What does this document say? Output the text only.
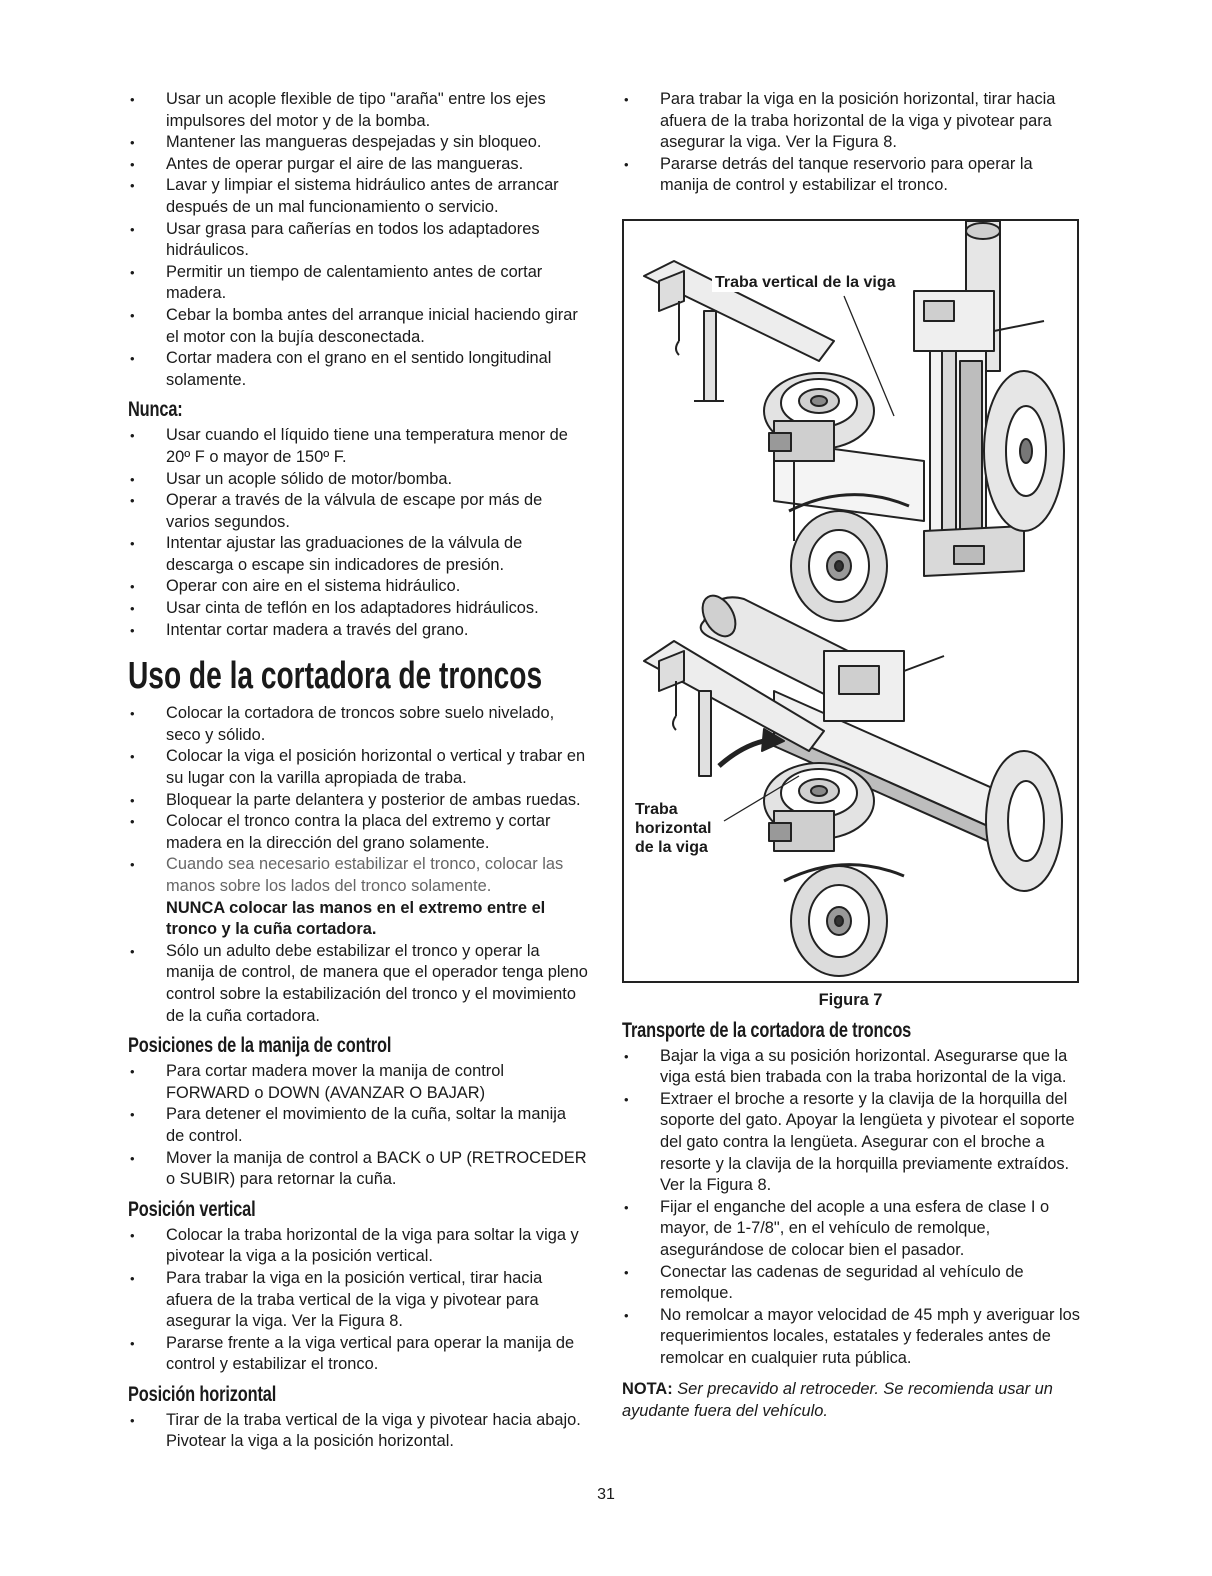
• Usar un acople flexible de tipo "araña" entre los ejes impulsores del motor y de la bomba.
• Mantener las mangueras despejadas y sin bloqueo.
• Antes de operar purgar el aire de las mangueras.
• Lavar y limpiar el sistema hidráulico antes de arrancar después de un mal funcionamiento o servicio.
• Usar grasa para cañerías en todos los adaptadores hidráulicos.
• Permitir un tiempo de calentamiento antes de cortar madera.
• Cebar la bomba antes del arranque inicial haciendo girar el motor con la bujía desconectada.
• Cortar madera con el grano en el sentido longitudinal solamente.
Nunca:
• Usar cuando el líquido tiene una temperatura menor de 20º F o mayor de 150º F.
• Usar un acople sólido de motor/bomba.
• Operar a través de la válvula de escape por más de varios segundos.
• Intentar ajustar las graduaciones de la válvula de descarga o escape sin indicadores de presión.
• Operar con aire en el sistema hidráulico.
• Usar cinta de teflón en los adaptadores hidráulicos.
• Intentar cortar madera a través del grano.
Uso de la cortadora de troncos
• Colocar la cortadora de troncos sobre suelo nivelado, seco y sólido.
• Colocar la viga el posición horizontal o vertical y trabar en su lugar con la varilla apropiada de traba.
• Bloquear la parte delantera y posterior de ambas ruedas.
• Colocar el tronco contra la placa del extremo y cortar madera en la dirección del grano solamente.
• Cuando sea necesario estabilizar el tronco, colocar las manos sobre los lados del tronco solamente.
NUNCA colocar las manos en el extremo entre el tronco y la cuña cortadora.
• Sólo un adulto debe estabilizar el tronco y operar la manija de control, de manera que el operador tenga pleno control sobre la estabilización del tronco y el movimiento de la cuña cortadora.
Posiciones de la manija de control
• Para cortar madera mover la manija de control FORWARD o DOWN (AVANZAR O BAJAR)
• Para detener el movimiento de la cuña, soltar la manija de control.
• Mover la manija de control a BACK o UP (RETROCEDER o SUBIR) para retornar la cuña.
Posición vertical
• Colocar la traba horizontal de la viga para soltar la viga y pivotear la viga a la posición vertical.
• Para trabar la viga en la posición vertical, tirar hacia afuera de la traba vertical de la viga y pivotear para asegurar la viga. Ver la Figura 8.
• Pararse frente a la viga vertical para operar la manija de control y estabilizar el tronco.
Posición horizontal
• Tirar de la traba vertical de la viga y pivotear hacia abajo. Pivotear la viga a la posición horizontal.
• Para trabar la viga en la posición horizontal, tirar hacia afuera de la traba horizontal de la viga y pivotear para asegurar la viga. Ver la Figura 8.
• Pararse detrás del tanque reservorio para operar la manija de control y estabilizar el tronco.
Traba vertical de la viga
Traba
horizontal
de la viga
Figura 7
Transporte de la cortadora de troncos
• Bajar la viga a su posición horizontal. Asegurarse que la viga está bien trabada con la traba horizontal de la viga.
• Extraer el broche a resorte y la clavija de la horquilla del soporte del gato. Apoyar la lengüeta y pivotear el soporte del gato contra la lengüeta. Asegurar con el broche a resorte y la clavija de la horquilla previamente extraídos. Ver la Figura 8.
• Fijar el enganche del acople a una esfera de clase I o mayor, de 1-7/8", en el vehículo de remolque, asegurándose de colocar bien el pasador.
• Conectar las cadenas de seguridad al vehículo de remolque.
• No remolcar a mayor velocidad de 45 mph y averiguar los requerimientos locales, estatales y federales antes de remolcar en cualquier ruta pública.
NOTA: Ser precavido al retroceder. Se recomienda usar un ayudante fuera del vehículo.
31
